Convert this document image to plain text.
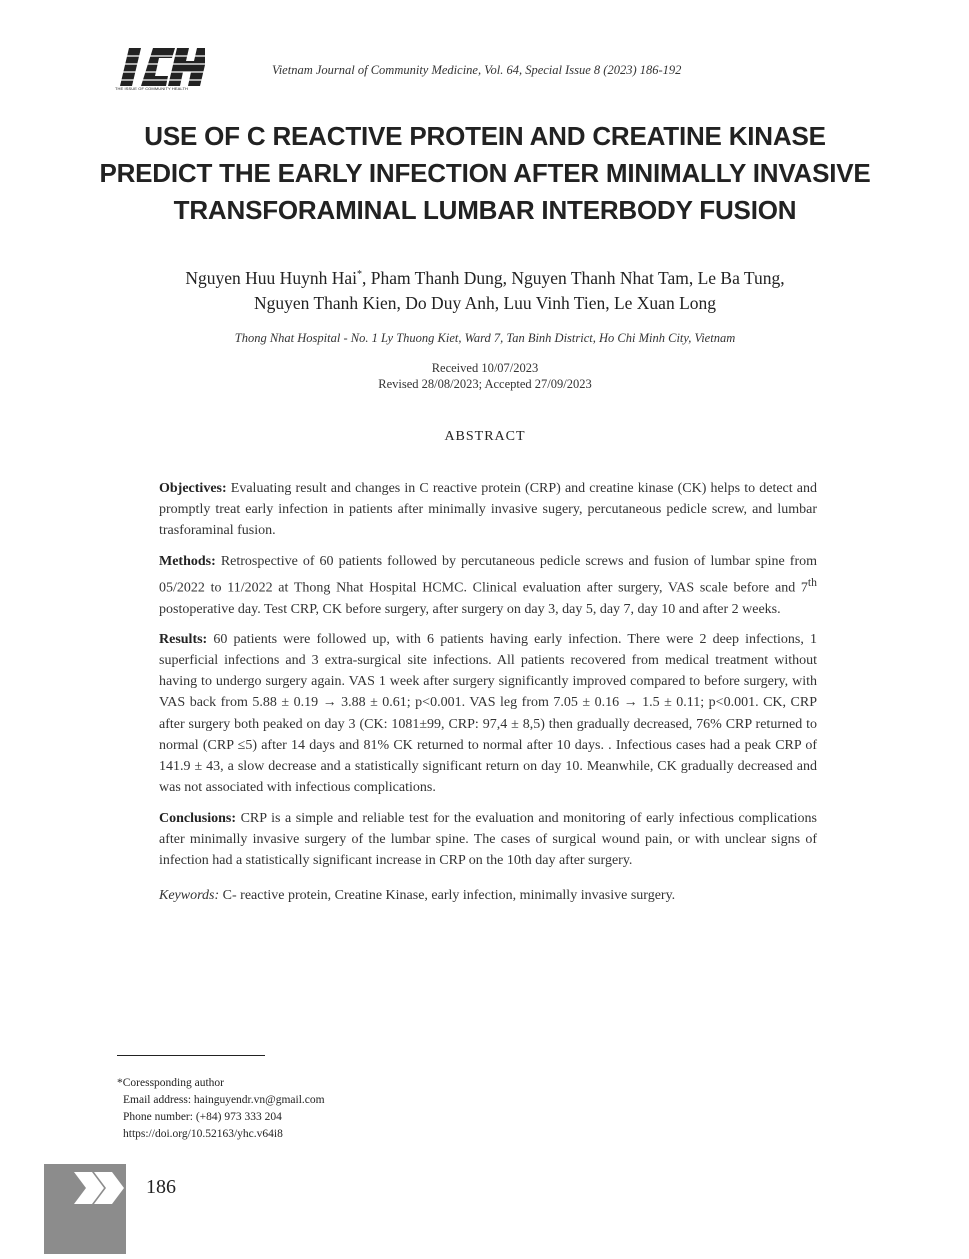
THE ISSUE OF COMMUNITY HEALTH
Vietnam Journal of Community Medicine, Vol. 64, Special Issue 8 (2023) 186-192
USE OF C REACTIVE PROTEIN AND CREATINE KINASE
PREDICT THE EARLY INFECTION AFTER MINIMALLY INVASIVE
TRANSFORAMINAL LUMBAR INTERBODY FUSION
Nguyen Huu Huynh Hai*, Pham Thanh Dung, Nguyen Thanh Nhat Tam, Le Ba Tung,
Nguyen Thanh Kien, Do Duy Anh, Luu Vinh Tien, Le Xuan Long
Thong Nhat Hospital - No. 1 Ly Thuong Kiet, Ward 7, Tan Binh District, Ho Chi Minh City, Vietnam
Received 10/07/2023
Revised 28/08/2023; Accepted 27/09/2023
ABSTRACT

Objectives: Evaluating result and changes in C reactive protein (CRP) and creatine kinase (CK) helps to detect and promptly treat early infection in patients after minimally invasive sugery, percutaneous pedicle screw, and lumbar trasforaminal fusion.

Methods: Retrospective of 60 patients followed by percutaneous pedicle screws and fusion of lumbar spine from 05/2022 to 11/2022 at Thong Nhat Hospital HCMC. Clinical evaluation after surgery, VAS scale before and 7th postoperative day. Test CRP, CK before surgery, after surgery on day 3, day 5, day 7, day 10 and after 2 weeks.

Results: 60 patients were followed up, with 6 patients having early infection. There were 2 deep infections, 1 superficial infections and 3 extra-surgical site infections. All patients recovered from medical treatment without having to undergo surgery again. VAS 1 week after surgery significantly improved compared to before surgery, with VAS back from 5.88 ± 0.19 → 3.88 ± 0.61; p<0.001. VAS leg from 7.05 ± 0.16 → 1.5 ± 0.11; p<0.001. CK, CRP after surgery both peaked on day 3 (CK: 1081±99, CRP: 97,4 ± 8,5) then gradually decreased, 76% CRP returned to normal (CRP ≤5) after 14 days and 81% CK returned to normal after 10 days. . Infectious cases had a peak CRP of 141.9 ± 43, a slow decrease and a statistically significant return on day 10. Meanwhile, CK gradually decreased and was not associated with infectious complications.

Conclusions: CRP is a simple and reliable test for the evaluation and monitoring of early infectious complications after minimally invasive surgery of the lumbar spine. The cases of surgical wound pain, or with unclear signs of infection had a statistically significant increase in CRP on the 10th day after surgery.

Keywords: C- reactive protein, Creatine Kinase, early infection, minimally invasive surgery.

*Coressponding author
Email address: hainguyendr.vn@gmail.com
Phone number: (+84) 973 333 204
https://doi.org/10.52163/yhc.v64i8
186
